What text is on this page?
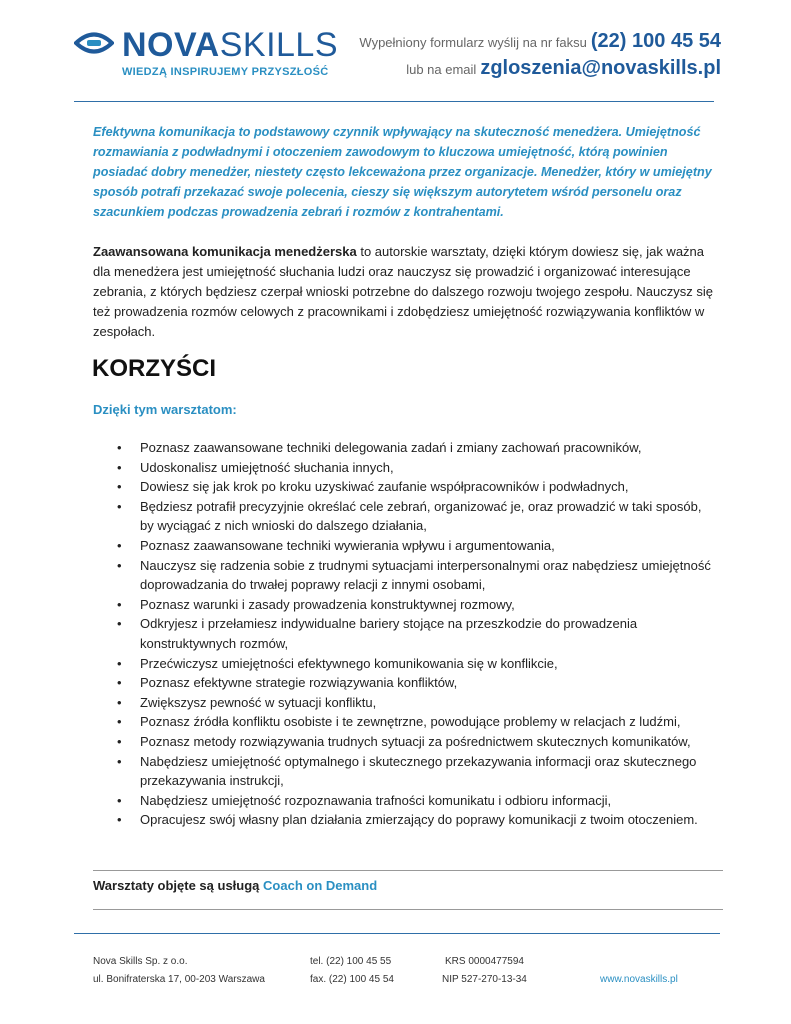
NOVASKILLS
WIEDZĄ INSPIRUJEMY PRZYSZŁOŚĆ
Wypełniony formularz wyślij na nr faksu (22) 100 45 54
lub na email zgloszenia@novaskills.pl
Efektywna komunikacja to podstawowy czynnik wpływający na skuteczność menedżera. Umiejętność rozmawiania z podwładnymi i otoczeniem zawodowym to kluczowa umiejętność, którą powinien posiadać dobry menedżer, niestety często lekceważona przez organizacje. Menedżer, który w umiejętny sposób potrafi przekazać swoje polecenia, cieszy się większym autorytetem wśród personelu oraz szacunkiem podczas prowadzenia zebrań i rozmów z kontrahentami.
Zaawansowana komunikacja menedżerska to autorskie warsztaty, dzięki którym dowiesz się, jak ważna dla menedżera jest umiejętność słuchania ludzi oraz nauczysz się prowadzić i organizować interesujące zebrania, z których będziesz czerpał wnioski potrzebne do dalszego rozwoju twojego zespołu. Nauczysz się też prowadzenia rozmów celowych z pracownikami i zdobędziesz umiejętność rozwiązywania konfliktów w zespołach.
KORZYŚCI
Dzięki tym warsztatom:
• Poznasz zaawansowane techniki delegowania zadań i zmiany zachowań pracowników,
• Udoskonalisz umiejętność słuchania innych,
• Dowiesz się jak krok po kroku uzyskiwać zaufanie współpracowników i podwładnych,
• Będziesz potrafił precyzyjnie określać cele zebrań, organizować je, oraz prowadzić w taki sposób, by wyciągać z nich wnioski do dalszego działania,
• Poznasz zaawansowane techniki wywierania wpływu i argumentowania,
• Nauczysz się radzenia sobie z trudnymi sytuacjami interpersonalnymi oraz nabędziesz umiejętność doprowadzania do trwałej poprawy relacji z innymi osobami,
• Poznasz warunki i zasady prowadzenia konstruktywnej rozmowy,
• Odkryjesz i przełamiesz indywidualne bariery stojące na przeszkodzie do prowadzenia konstruktywnych rozmów,
• Przećwiczysz umiejętności efektywnego komunikowania się w konflikcie,
• Poznasz efektywne strategie rozwiązywania konfliktów,
• Zwiększysz pewność w sytuacji konfliktu,
• Poznasz źródła konfliktu osobiste i te zewnętrzne, powodujące problemy w relacjach z ludźmi,
• Poznasz metody rozwiązywania trudnych sytuacji za pośrednictwem skutecznych komunikatów,
• Nabędziesz umiejętność optymalnego i skutecznego przekazywania informacji oraz skutecznego przekazywania instrukcji,
• Nabędziesz umiejętność rozpoznawania trafności komunikatu i odbioru informacji,
• Opracujesz swój własny plan działania zmierzający do poprawy komunikacji z twoim otoczeniem.
Warsztaty objęte są usługą Coach on Demand
Nova Skills Sp. z o.o.
ul. Bonifraterska 17, 00-203 Warszawa
tel. (22) 100 45 55
fax. (22) 100 45 54
KRS 0000477594
NIP 527-270-13-34	www.novaskills.pl
